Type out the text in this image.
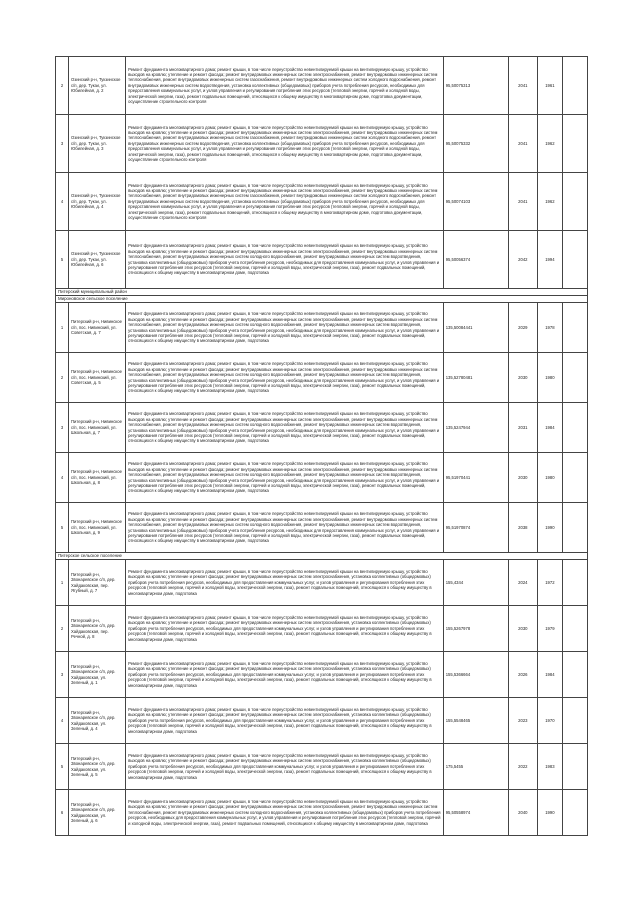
2	Озинский р-н, Тукзинское с/п, дер. Тукзи, ул. Юбилейная, д. 2	Ремонт фундамента многоквартирного дома; ремонт крыши, в том числе переустройство невентилируемой крыши на вентилируемую крышу, устройство выходов на кровлю; утепление и ремонт фасада; ремонт внутридомовых инженерных систем электроснабжения, ремонт внутридомовых инженерных систем теплоснабжения, ремонт внутридомовых инженерных систем газоснабжения, ремонт внутридомовых инженерных систем холодного водоснабжения, ремонт внутридомовых инженерных систем водоотведения, установка коллективных (общедомовых) приборов учета потребления ресурсов, необходимых для предоставления коммунальных услуг, и узлов управления и регулирования потребления этих ресурсов (тепловой энергии, горячей и холодной воды, электрической энергии, газа), ремонт подвальных помещений, относящихся к общему имуществу в многоквартирном доме, подготовка документации, осуществление строительного контроля	95,50075313	2041	1961	
3	Озинский р-н, Тукзинское с/п, дер. Тукзи, ул. Юбилейная, д. 3	Ремонт фундамента многоквартирного дома; ремонт крыши, в том числе переустройство невентилируемой крыши на вентилируемую крышу, устройство выходов на кровлю; утепление и ремонт фасада; ремонт внутридомовых инженерных систем электроснабжения, ремонт внутридомовых инженерных систем теплоснабжения, ремонт внутридомовых инженерных систем газоснабжения, ремонт внутридомовых инженерных систем холодного водоснабжения, ремонт внутридомовых инженерных систем водоотведения, установка коллективных (общедомовых) приборов учета потребления ресурсов, необходимых для предоставления коммунальных услуг, и узлов управления и регулирования потребления этих ресурсов (тепловой энергии, горячей и холодной воды, электрической энергии, газа), ремонт подвальных помещений, относящихся к общему имуществу в многоквартирном доме, подготовка документации, осуществление строительного контроля	95,50075332	2041	1962	
4	Озинский р-н, Тукзинское с/п, дер. Тукзи, ул. Юбилейная, д. 4	Ремонт фундамента многоквартирного дома; ремонт крыши, в том числе переустройство невентилируемой крыши на вентилируемую крышу, устройство выходов на кровлю; утепление и ремонт фасада; ремонт внутридомовых инженерных систем электроснабжения, ремонт внутридомовых инженерных систем теплоснабжения, ремонт внутридомовых инженерных систем газоснабжения, ремонт внутридомовых инженерных систем холодного водоснабжения, ремонт внутридомовых инженерных систем водоотведения, установка коллективных (общедомовых) приборов учета потребления ресурсов, необходимых для предоставления коммунальных услуг, и узлов управления и регулирования потребления этих ресурсов (тепловой энергии, горячей и холодной воды, электрической энергии, газа), ремонт подвальных помещений, относящихся к общему имуществу в многоквартирном доме, подготовка документации, осуществление строительного контроля	95,50074103	2041	1962	
5	Озинский р-н, Тукзинское с/п, дер. Тукзи, ул. Юбилейная, д. 6	Ремонт фундамента многоквартирного дома; ремонт крыши, в том числе переустройство невентилируемой крыши на вентилируемую крышу, устройство выходов на кровлю; утепление и ремонт фасада; ремонт внутридомовых инженерных систем электроснабжения, ремонт внутридомовых инженерных систем теплоснабжения, ремонт внутридомовых инженерных систем холодного водоснабжения, ремонт внутридомовых инженерных систем водоотведения, установка коллективных (общедомовых) приборов учета потребления ресурсов, необходимых для предоставления коммунальных услуг, и узлов управления и регулирования потребления этих ресурсов (тепловой энергии, горячей и холодной воды, электрической энергии, газа), ремонт подвальных помещений, относящихся к общему имуществу в многоквартирном доме, подготовка	95,50056374	2042	1994	
Питерский муниципальный район						
Мироновское сельское поселение						
1	Питерский р-н, Нивинское с/п, пос. Нивинский, ул. Советская, д. 7	Ремонт фундамента многоквартирного дома; ремонт крыши, в том числе переустройство невентилируемой крыши на вентилируемую крышу, устройство выходов на кровлю; утепление и ремонт фасада; ремонт внутридомовых инженерных систем электроснабжения, ремонт внутридомовых инженерных систем теплоснабжения, ремонт внутридомовых инженерных систем холодного водоснабжения, ремонт внутридомовых инженерных систем водоотведения, установка коллективных (общедомовых) приборов учета потребления ресурсов, необходимых для предоставления коммунальных услуг, и узлов управления и регулирования потребления этих ресурсов (тепловой энергии, горячей и холодной воды, электрической энергии, газа), ремонт подвальных помещений, относящихся к общему имуществу в многоквартирном доме, подготовка	135,50084441	2029	1978	
2	Питерский р-н, Нивинское с/п, пос. Нивинский, ул. Советская, д. 5	Ремонт фундамента многоквартирного дома; ремонт крыши, в том числе переустройство невентилируемой крыши на вентилируемую крышу, устройство выходов на кровлю; утепление и ремонт фасада; ремонт внутридомовых инженерных систем электроснабжения, ремонт внутридомовых инженерных систем теплоснабжения, ремонт внутридомовых инженерных систем холодного водоснабжения, ремонт внутридомовых инженерных систем водоотведения, установка коллективных (общедомовых) приборов учета потребления ресурсов, необходимых для предоставления коммунальных услуг, и узлов управления и регулирования потребления этих ресурсов (тепловой энергии, горячей и холодной воды, электрической энергии, газа), ремонт подвальных помещений, относящихся к общему имуществу в многоквартирном доме, подготовка	135,52780481	2030	1980	
3	Питерский р-н, Нивинское с/п, пос. Нивинский, ул. Школьная, д. 7	Ремонт фундамента многоквартирного дома; ремонт крыши, в том числе переустройство невентилируемой крыши на вентилируемую крышу, устройство выходов на кровлю; утепление и ремонт фасада; ремонт внутридомовых инженерных систем электроснабжения, ремонт внутридомовых инженерных систем теплоснабжения, ремонт внутридомовых инженерных систем холодного водоснабжения, ремонт внутридомовых инженерных систем водоотведения, установка коллективных (общедомовых) приборов учета потребления ресурсов, необходимых для предоставления коммунальных услуг, и узлов управления и регулирования потребления этих ресурсов (тепловой энергии, горячей и холодной воды, электрической энергии, газа), ремонт подвальных помещений, относящихся к общему имуществу в многоквартирном доме, подготовка	135,5247944	2031	1984	
4	Питерский р-н, Нивинское с/п, пос. Нивинский, ул. Школьная, д. 8	Ремонт фундамента многоквартирного дома; ремонт крыши, в том числе переустройство невентилируемой крыши на вентилируемую крышу, устройство выходов на кровлю; утепление и ремонт фасада; ремонт внутридомовых инженерных систем электроснабжения, ремонт внутридомовых инженерных систем теплоснабжения, ремонт внутридомовых инженерных систем холодного водоснабжения, ремонт внутридомовых инженерных систем водоотведения, установка коллективных (общедомовых) приборов учета потребления ресурсов, необходимых для предоставления коммунальных услуг, и узлов управления и регулирования потребления этих ресурсов (тепловой энергии, горячей и холодной воды, электрической энергии, газа), ремонт подвальных помещений, относящихся к общему имуществу в многоквартирном доме, подготовка	95,51970441	2030	1980	
5	Питерский р-н, Нивинское с/п, пос. Нивинский, ул. Школьная, д. 9	Ремонт фундамента многоквартирного дома; ремонт крыши, в том числе переустройство невентилируемой крыши на вентилируемую крышу, устройство выходов на кровлю; утепление и ремонт фасада; ремонт внутридомовых инженерных систем электроснабжения, ремонт внутридомовых инженерных систем теплоснабжения, ремонт внутридомовых инженерных систем холодного водоснабжения, ремонт внутридомовых инженерных систем водоотведения, установка коллективных (общедомовых) приборов учета потребления ресурсов, необходимых для предоставления коммунальных услуг, и узлов управления и регулирования потребления этих ресурсов (тепловой энергии, горячей и холодной воды, электрической энергии, газа), ремонт подвальных помещений, относящихся к общему имуществу в многоквартирном доме, подготовка	95,51970874	2038	1990	
Питерское сельское поселение						
1	Питерский р-н, Звонаревское с/п, дер. Хайдаковская, пер. Ягубный, д. 7	Ремонт фундамента многоквартирного дома; ремонт крыши, в том числе переустройство невентилируемой крыши на вентилируемую крышу, устройство выходов на кровлю; утепление и ремонт фасада; ремонт внутридомовых инженерных систем электроснабжения, установка коллективных (общедомовых) приборов учета потребления ресурсов, необходимых для предоставления коммунальных услуг, и узлов управления и регулирования потребления этих ресурсов (тепловой энергии, горячей и холодной воды, электрической энергии, газа), ремонт подвальных помещений, относящихся к общему имуществу в многоквартирном доме, подготовка	155,4344	2024	1972	
2	Питерский р-н, Звонаревское с/п, дер. Хайдаковская, пер. Речной, д. 8	Ремонт фундамента многоквартирного дома; ремонт крыши, в том числе переустройство невентилируемой крыши на вентилируемую крышу, устройство выходов на кровлю; утепление и ремонт фасада; ремонт внутридомовых инженерных систем электроснабжения, установка коллективных (общедомовых) приборов учета потребления ресурсов, необходимых для предоставления коммунальных услуг, и узлов управления и регулирования потребления этих ресурсов (тепловой энергии, горячей и холодной воды, электрической энергии, газа), ремонт подвальных помещений, относящихся к общему имуществу в многоквартирном доме, подготовка	155,5267978	2030	1979	
3	Питерский р-н, Звонаревское с/п, дер. Хайдаковская, ул. Зеленый, д. 1	Ремонт фундамента многоквартирного дома; ремонт крыши, в том числе переустройство невентилируемой крыши на вентилируемую крышу, устройство выходов на кровлю; утепление и ремонт фасада; ремонт внутридомовых инженерных систем электроснабжения, установка коллективных (общедомовых) приборов учета потребления ресурсов, необходимых для предоставления коммунальных услуг, и узлов управления и регулирования потребления этих ресурсов (тепловой энергии, горячей и холодной воды, электрической энергии, газа), ремонт подвальных помещений, относящихся к общему имуществу в многоквартирном доме, подготовка	155,5366664	2026	1984	
4	Питерский р-н, Звонаревское с/п, дер. Хайдаковская, ул. Зеленый, д. 4	Ремонт фундамента многоквартирного дома; ремонт крыши, в том числе переустройство невентилируемой крыши на вентилируемую крышу, устройство выходов на кровлю; утепление и ремонт фасада; ремонт внутридомовых инженерных систем электроснабжения, установка коллективных (общедомовых) приборов учета потребления ресурсов, необходимых для предоставления коммунальных услуг, и узлов управления и регулирования потребления этих ресурсов (тепловой энергии, горячей и холодной воды, электрической энергии, газа), ремонт подвальных помещений, относящихся к общему имуществу в многоквартирном доме, подготовка	155,5548465	2023	1970	
5	Питерский р-н, Звонаревское с/п, дер. Хайдаковская, ул. Зеленый, д. 5	Ремонт фундамента многоквартирного дома; ремонт крыши, в том числе переустройство невентилируемой крыши на вентилируемую крышу, устройство выходов на кровлю; утепление и ремонт фасада; ремонт внутридомовых инженерных систем электроснабжения, установка коллективных (общедомовых) приборов учета потребления ресурсов, необходимых для предоставления коммунальных услуг, и узлов управления и регулирования потребления этих ресурсов (тепловой энергии, горячей и холодной воды, электрической энергии, газа), ремонт подвальных помещений, относящихся к общему имуществу в многоквартирном доме, подготовка	175,5455	2022	1983	
6	Питерский р-н, Звонаревское с/п, дер. Хайдаковская, ул. Зеленый, д. 6	Ремонт фундамента многоквартирного дома; ремонт крыши, в том числе переустройство невентилируемой крыши на вентилируемую крышу, устройство выходов на кровлю; утепление и ремонт фасада; ремонт внутридомовых инженерных систем электроснабжения, ремонт внутридомовых инженерных систем теплоснабжения, ремонт внутридомовых инженерных систем холодного водоснабжения, установка коллективных (общедомовых) приборов учета потребления ресурсов, необходимых для предоставления коммунальных услуг, и узлов управления и регулирования потребления этих ресурсов (тепловой энергии, горячей и холодной воды, электрической энергии, газа), ремонт подвальных помещений, относящихся к общему имуществу в многоквартирном доме, подготовка	95,50558974	2040	1990	
